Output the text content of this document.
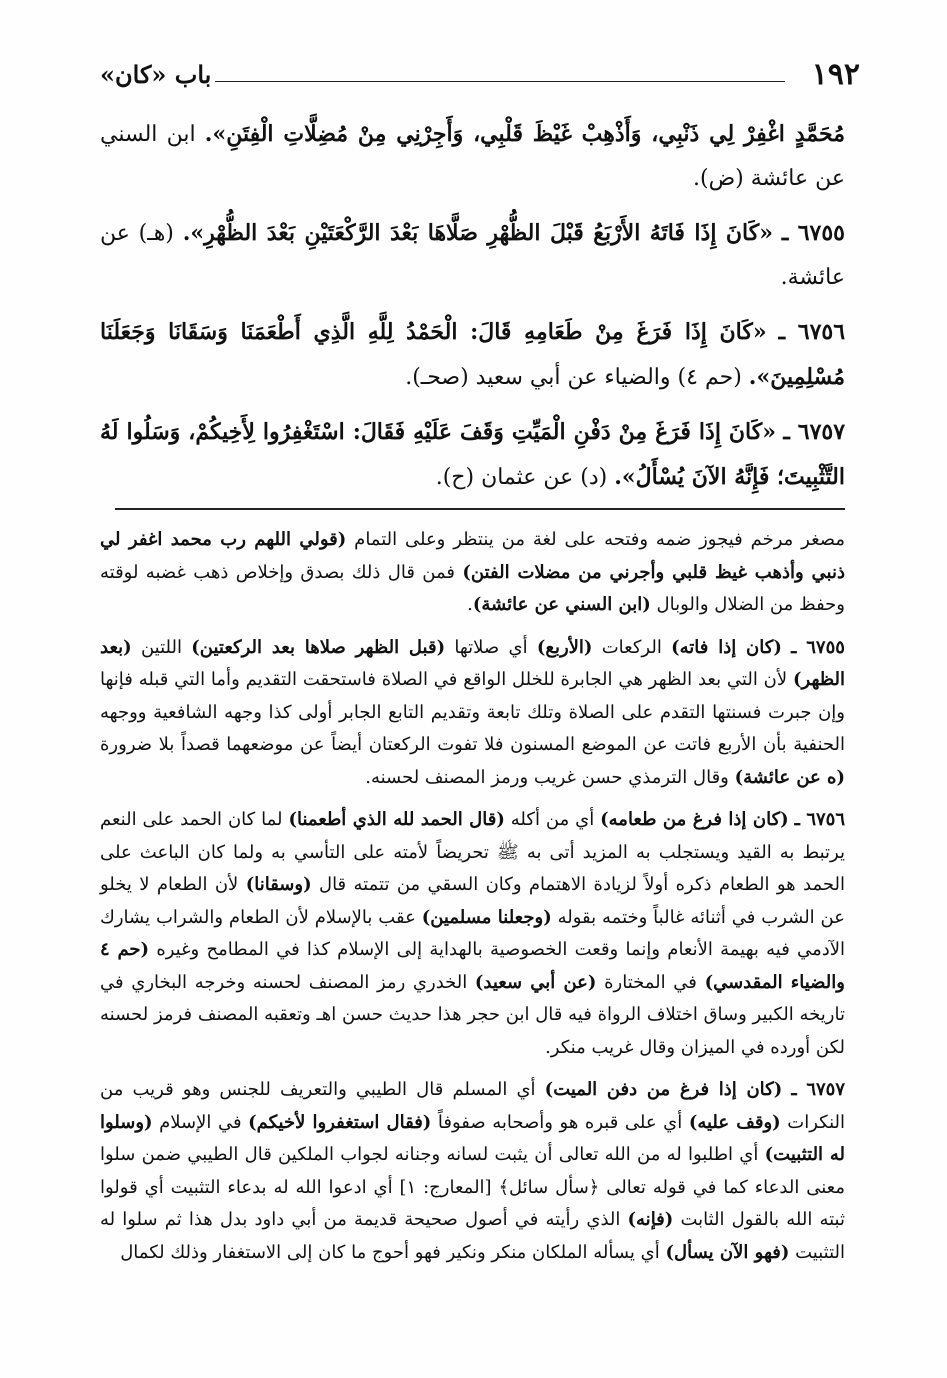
١٩٢
باب «كان»

مُحَمَّدٍ اغْفِرْ لِي ذَنْبِي، وَأَذْهِبْ غَيْظَ قَلْبِي، وَأَجِرْنِي مِنْ مُضِلَّاتِ الْفِتَنِ». ابن السني عن عائشة (ض).

٦٧٥٥ ـ «كَانَ إِذَا فَاتَهُ الأَرْبَعُ قَبْلَ الظُّهْرِ صَلَّاهَا بَعْدَ الرَّكْعَتَيْنِ بَعْدَ الظُّهْرِ». (هـ) عن عائشة.

٦٧٥٦ ـ «كَانَ إِذَا فَرَغَ مِنْ طَعَامِهِ قَالَ: الْحَمْدُ لِلَّهِ الَّذِي أَطْعَمَنَا وَسَقَانَا وَجَعَلَنَا مُسْلِمِينَ». (حم ٤) والضياء عن أبي سعيد (صحـ).

٦٧٥٧ ـ «كَانَ إِذَا فَرَغَ مِنْ دَفْنِ الْمَيِّتِ وَقَفَ عَلَيْهِ فَقَالَ: اسْتَغْفِرُوا لِأَخِيكُمْ، وَسَلُوا لَهُ التَّثْبِيتَ؛ فَإِنَّهُ الآنَ يُسْأَلُ». (د) عن عثمان (ح).

مصغر مرخم فيجوز ضمه وفتحه على لغة من ينتظر وعلى التمام (قولي اللهم رب محمد اغفر لي ذنبي وأذهب غيظ قلبي وأجرني من مضلات الفتن) فمن قال ذلك بصدق وإخلاص ذهب غضبه لوقته وحفظ من الضلال والوبال (ابن السني عن عائشة).

٦٧٥٥ ـ (كان إذا فاته) الركعات (الأربع) أي صلاتها (قبل الظهر صلاها بعد الركعتين) اللتين (بعد الظهر) لأن التي بعد الظهر هي الجابرة للخلل الواقع في الصلاة فاستحقت التقديم وأما التي قبله فإنها وإن جبرت فسنتها التقدم على الصلاة وتلك تابعة وتقديم التابع الجابر أولى كذا وجهه الشافعية ووجهه الحنفية بأن الأربع فاتت عن الموضع المسنون فلا تفوت الركعتان أيضاً عن موضعهما قصداً بلا ضرورة (ه عن عائشة) وقال الترمذي حسن غريب ورمز المصنف لحسنه.

٦٧٥٦ ـ (كان إذا فرغ من طعامه) أي من أكله (قال الحمد لله الذي أطعمنا) لما كان الحمد على النعم يرتبط به القيد ويستجلب به المزيد أتى به ﷺ تحريضاً لأمته على التأسي به ولما كان الباعث على الحمد هو الطعام ذكره أولاً لزيادة الاهتمام وكان السقي من تتمته قال (وسقانا) لأن الطعام لا يخلو عن الشرب في أثنائه غالباً وختمه بقوله (وجعلنا مسلمين) عقب بالإسلام لأن الطعام والشراب يشارك الآدمي فيه بهيمة الأنعام وإنما وقعت الخصوصية بالهداية إلى الإسلام كذا في المطامح وغيره (حم ٤ والضياء المقدسي) في المختارة (عن أبي سعيد) الخدري رمز المصنف لحسنه وخرجه البخاري في تاريخه الكبير وساق اختلاف الرواة فيه قال ابن حجر هذا حديث حسن اهـ وتعقبه المصنف فرمز لحسنه لكن أورده في الميزان وقال غريب منكر.

٦٧٥٧ ـ (كان إذا فرغ من دفن الميت) أي المسلم قال الطيبي والتعريف للجنس وهو قريب من النكرات (وقف عليه) أي على قبره هو وأصحابه صفوفاً (فقال استغفروا لأخيكم) في الإسلام (وسلوا له التثبيت) أي اطلبوا له من الله تعالى أن يثبت لسانه وجنانه لجواب الملكين قال الطيبي ضمن سلوا معنى الدعاء كما في قوله تعالى ﴿سأل سائل﴾ [المعارج: ١] أي ادعوا الله له بدعاء التثبيت أي قولوا ثبته الله بالقول الثابت (فإنه) الذي رأيته في أصول صحيحة قديمة من أبي داود بدل هذا ثم سلوا له التثبيت (فهو الآن يسأل) أي يسأله الملكان منكر ونكير فهو أحوج ما كان إلى الاستغفار وذلك لكمال
